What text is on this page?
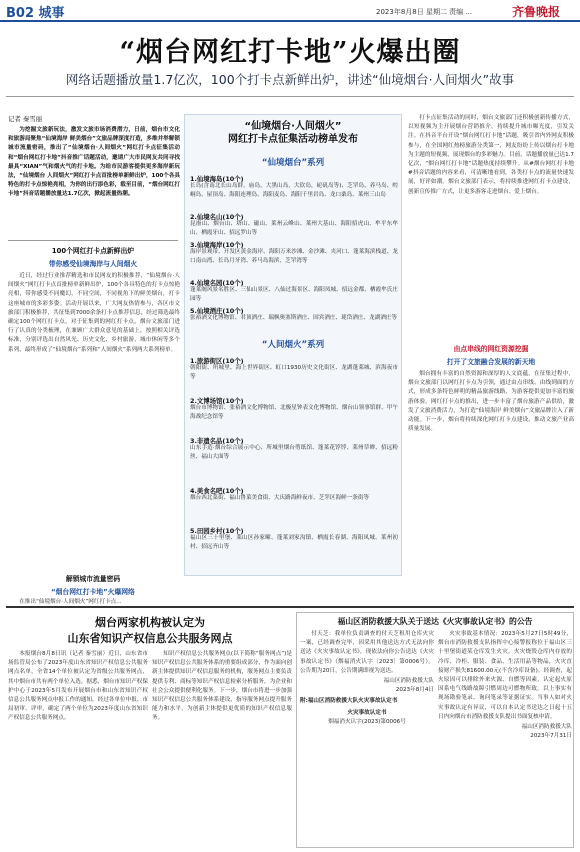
B02 城事	2023年8月8日 星期二 责编 ...	齐鲁晚报
“烟台网红打卡地”火爆出圈
网络话题播放量1.7亿次，100个打卡点新鲜出炉，讲述“仙境烟台·人间烟火”故事
记者 秦雪丽

为挖掘文旅新玩法，激发文旅市场消费潜力，日前，烟台市文化和旅游局聚焦“仙境海岸 鲜美烟台”文旅品牌深度打造，多维并举解锁城市流量密码，推出了“仙境烟台·人间烟火”网红打卡点征集活动和“烟台网红打卡地”抖音推广话题活动，邀请广大市民网友共同寻找最具“XIAN”气和烟火气的打卡地。为给市民游客提供更多海岸新玩法，“仙境烟台 人间烟火”网红打卡点首批榜单新鲜出炉，100个各具特色的打卡点惊艳亮相，为你的出行添色彩，载至目前，“烟台网红打卡地”抖音话题播放量达1.7亿次，掀起流量热潮。

100个网红打卡点新鲜出炉
带你感受仙境海岸与人间烟火

近日，经过行业推荐精选和市民网友的积极推荐，“仙境烟台·人间烟火”网红打卡点首批榜单新鲜出炉，100个各具特色的打卡点惊艳亮相，带你感受不同魔幻，不同空间，不同视角下的鲜美烟台，打卡这座城市的多彩多姿。活动开展以来，广大网友热情参与，各区市文旅部门积极推荐，共征集到7000余条打卡点推荐信息，经过筛选最终确定100个网红打卡点。对于征集到的网红打卡点，烟台文旅部门进行了认真的分类梳理，在兼顾广大群众意见的基础上，按照相关评选标准，分别评选出自然风光、历史文化、乡村旅游、城市休闲等多个系列，最终形成了“仙境烟台”系列和“人间烟火”系列两大系列榜单。

解锁城市流量密码
“烟台网红打卡地”火爆网络

在推出“仙境烟台·人间烟火”网红打卡点...

“仙境烟台·人间烟火”
网红打卡点征集活动榜单发布
“仙境烟台”系列
1.仙境海岛(10个)
长岛(含南北长山岛群，庙岛，大黑山岛，大钦岛，砣矶岛等)、芝罘岛、养马岛、崆峒岛、屋顶岛、海阳连理岛、海阳麦岛、海阳千里岩岛、龙口桑岛、莱州三山岛
2.仙境名山(10个)
昆嵛山、烟台山、塔山、磁山、莱州云峰山、莱州大基山、海阳招虎山、牟平东牟山、栖霞牙山、招远罗山等
3.仙境海岸(10个)
海岸景观带、开发区黄金海岸、海阳万米沙滩、金沙滩、夹河口、蓬莱海滨栈道、龙口南山湾、长岛月牙湾、养马岛海滨、芝罘湾等
4.仙境名园(10个)
蓬莱阁风景名胜区、三仙山景区、八仙过海景区、海阳凤城、招远金都、栖霞牟氏庄园等
5.仙境酒庄(10个)
张裕酒文化博物馆、君顶酒庄、瑞枫奥塞斯酒庄、国宾酒庄、珑岱酒庄、龙湖酒庄等
“人间烟火”系列
1.旅游街区(10个)
朝阳街、所城里、海上世界街区、虹口1930历史文化街区、龙湖蓬莱城、滨海夜市等
2.文博场馆(10个)
烟台市博物馆、张裕酒文化博物馆、北极星钟表文化博物馆、烟台山领事馆群、甲午海战纪念馆等
3.非遗名品(10个)
山东手造·烟台综合展示中心、所城里烟台剪纸馆、蓬莱花饽饽、莱州草辫、招远粉丝、福山大面等
4.美食名吧(10个)
烟台西北菜街、福山鲁菜美食街、大庆路海鲜夜市、芝罘区海鲜一条街等
5.田园乡村(10个)
福山区三十里堡、莱山区孙家疃、蓬莱刘家沟镇、栖霞长春湖、海阳凤城、莱州初村、招远齐山等

打卡点征集活动的同时，烟台文旅部门还积极创新传播方式，以短视频为主开展烟台营销推介，持续提升城市曝光度，引发关注。在抖音平台开设“烟台网红打卡地”话题，吸引省内外网友积极参与，在全国网红热榜旅游分类第一，网友纷纷上传以烟台打卡地为主题的短视频，展现烟台的多彩魅力。目前，话题播放量已达1.7亿次，“烟台网红打卡地”话题热度持续攀升。从#烟台网红打卡地#抖音话题的内容来看，可清晰地看到，各类打卡点的流量快速发展，好评如潮。烟台文旅部门表示，将持续推进网红打卡点建设，创新宣传推广方式，让更多游客走进烟台、爱上烟台。

由点串线的网红资源挖掘
打开了文旅融合发展的新天地

烟台拥有丰富的自然资源和深厚的人文底蕴，在征集过程中，烟台文旅部门以网红打卡点为引领，通过由点串线、由线到面的方式，形成多条特色鲜明的精品旅游线路，为游客提供更加丰富的旅游体验。网红打卡点的推出，进一步丰富了烟台旅游产品供给，激发了文旅消费活力，为打造“仙境海岸 鲜美烟台”文旅品牌注入了新动能。下一步，烟台将持续深化网红打卡点建设，推动文旅产业高质量发展。

烟台两家机构被认定为
山东省知识产权信息公共服务网点

本报烟台8月8日讯（记者 秦雪丽）近日，山东省市场监管局公布了2023年度山东省知识产权信息公共服务网点名单，全省14个单位被认定为省级公共服务网点，其中烟台市共有两个单位入选。据悉，烟台市知识产权保护中心于2023年5月发布开展烟台市和山东省知识产权信息公共服务网点申报工作的通知，经过各单位申报、市局初审、评审，确定了两个单位为2023年度山东省知识产权信息公共服务网点。

知识产权信息公共服务网点(以下简称“服务网点”)是知识产权信息公共服务体系的重要组成部分，作为面向创新主体提供知识产权信息服务的机构，服务网点主要负责提供专利、商标等知识产权信息检索分析服务，为企业和社会公众提供便利化服务。下一步，烟台市将进一步加强知识产权信息公共服务体系建设，指导服务网点提升服务能力和水平，为创新主体提供更优质的知识产权信息服务。

福山区消防救援大队关于送达《火灾事故认定书》的公告

付天芝：我单位负责调查的付天芝租用仓库火灾一案，已经调查完毕，因采用其他送达方式无法向你送达《火灾事故认定书》，现依法向你公告送达《火灾事故认定书》（烟福消火认字〔2023〕第0006号）。公告期为20日，公告期满即视为送达。

福山区消防救援大队
2023年8月4日
附:福山区消防救援大队火灾事故认定书
火灾事故认定书
烟福消火认字(2023)第0006号

火灾事故基本情况：2023年5月27日5时49分，烟台市消防救援支队指挥中心接警报称位于福山区三十里堡街道某仓库发生火灾。火灾烧毁仓库内存放的冷库、冷柜、服装、食品、生活用品等物品，火灾直接财产损失81600.00元(不含冷库设备)。经调查，起火原因可以排除外来火源、自燃等因素，认定起火原因系电气线路故障引燃周边可燃物所致。以上事实有现场勘验笔录、询问笔录等证据证实。当事人如对火灾事故认定有异议，可以自本认定书送达之日起十五日内向烟台市消防救援支队提出书面复核申请。

福山区消防救援大队
2023年7月31日
